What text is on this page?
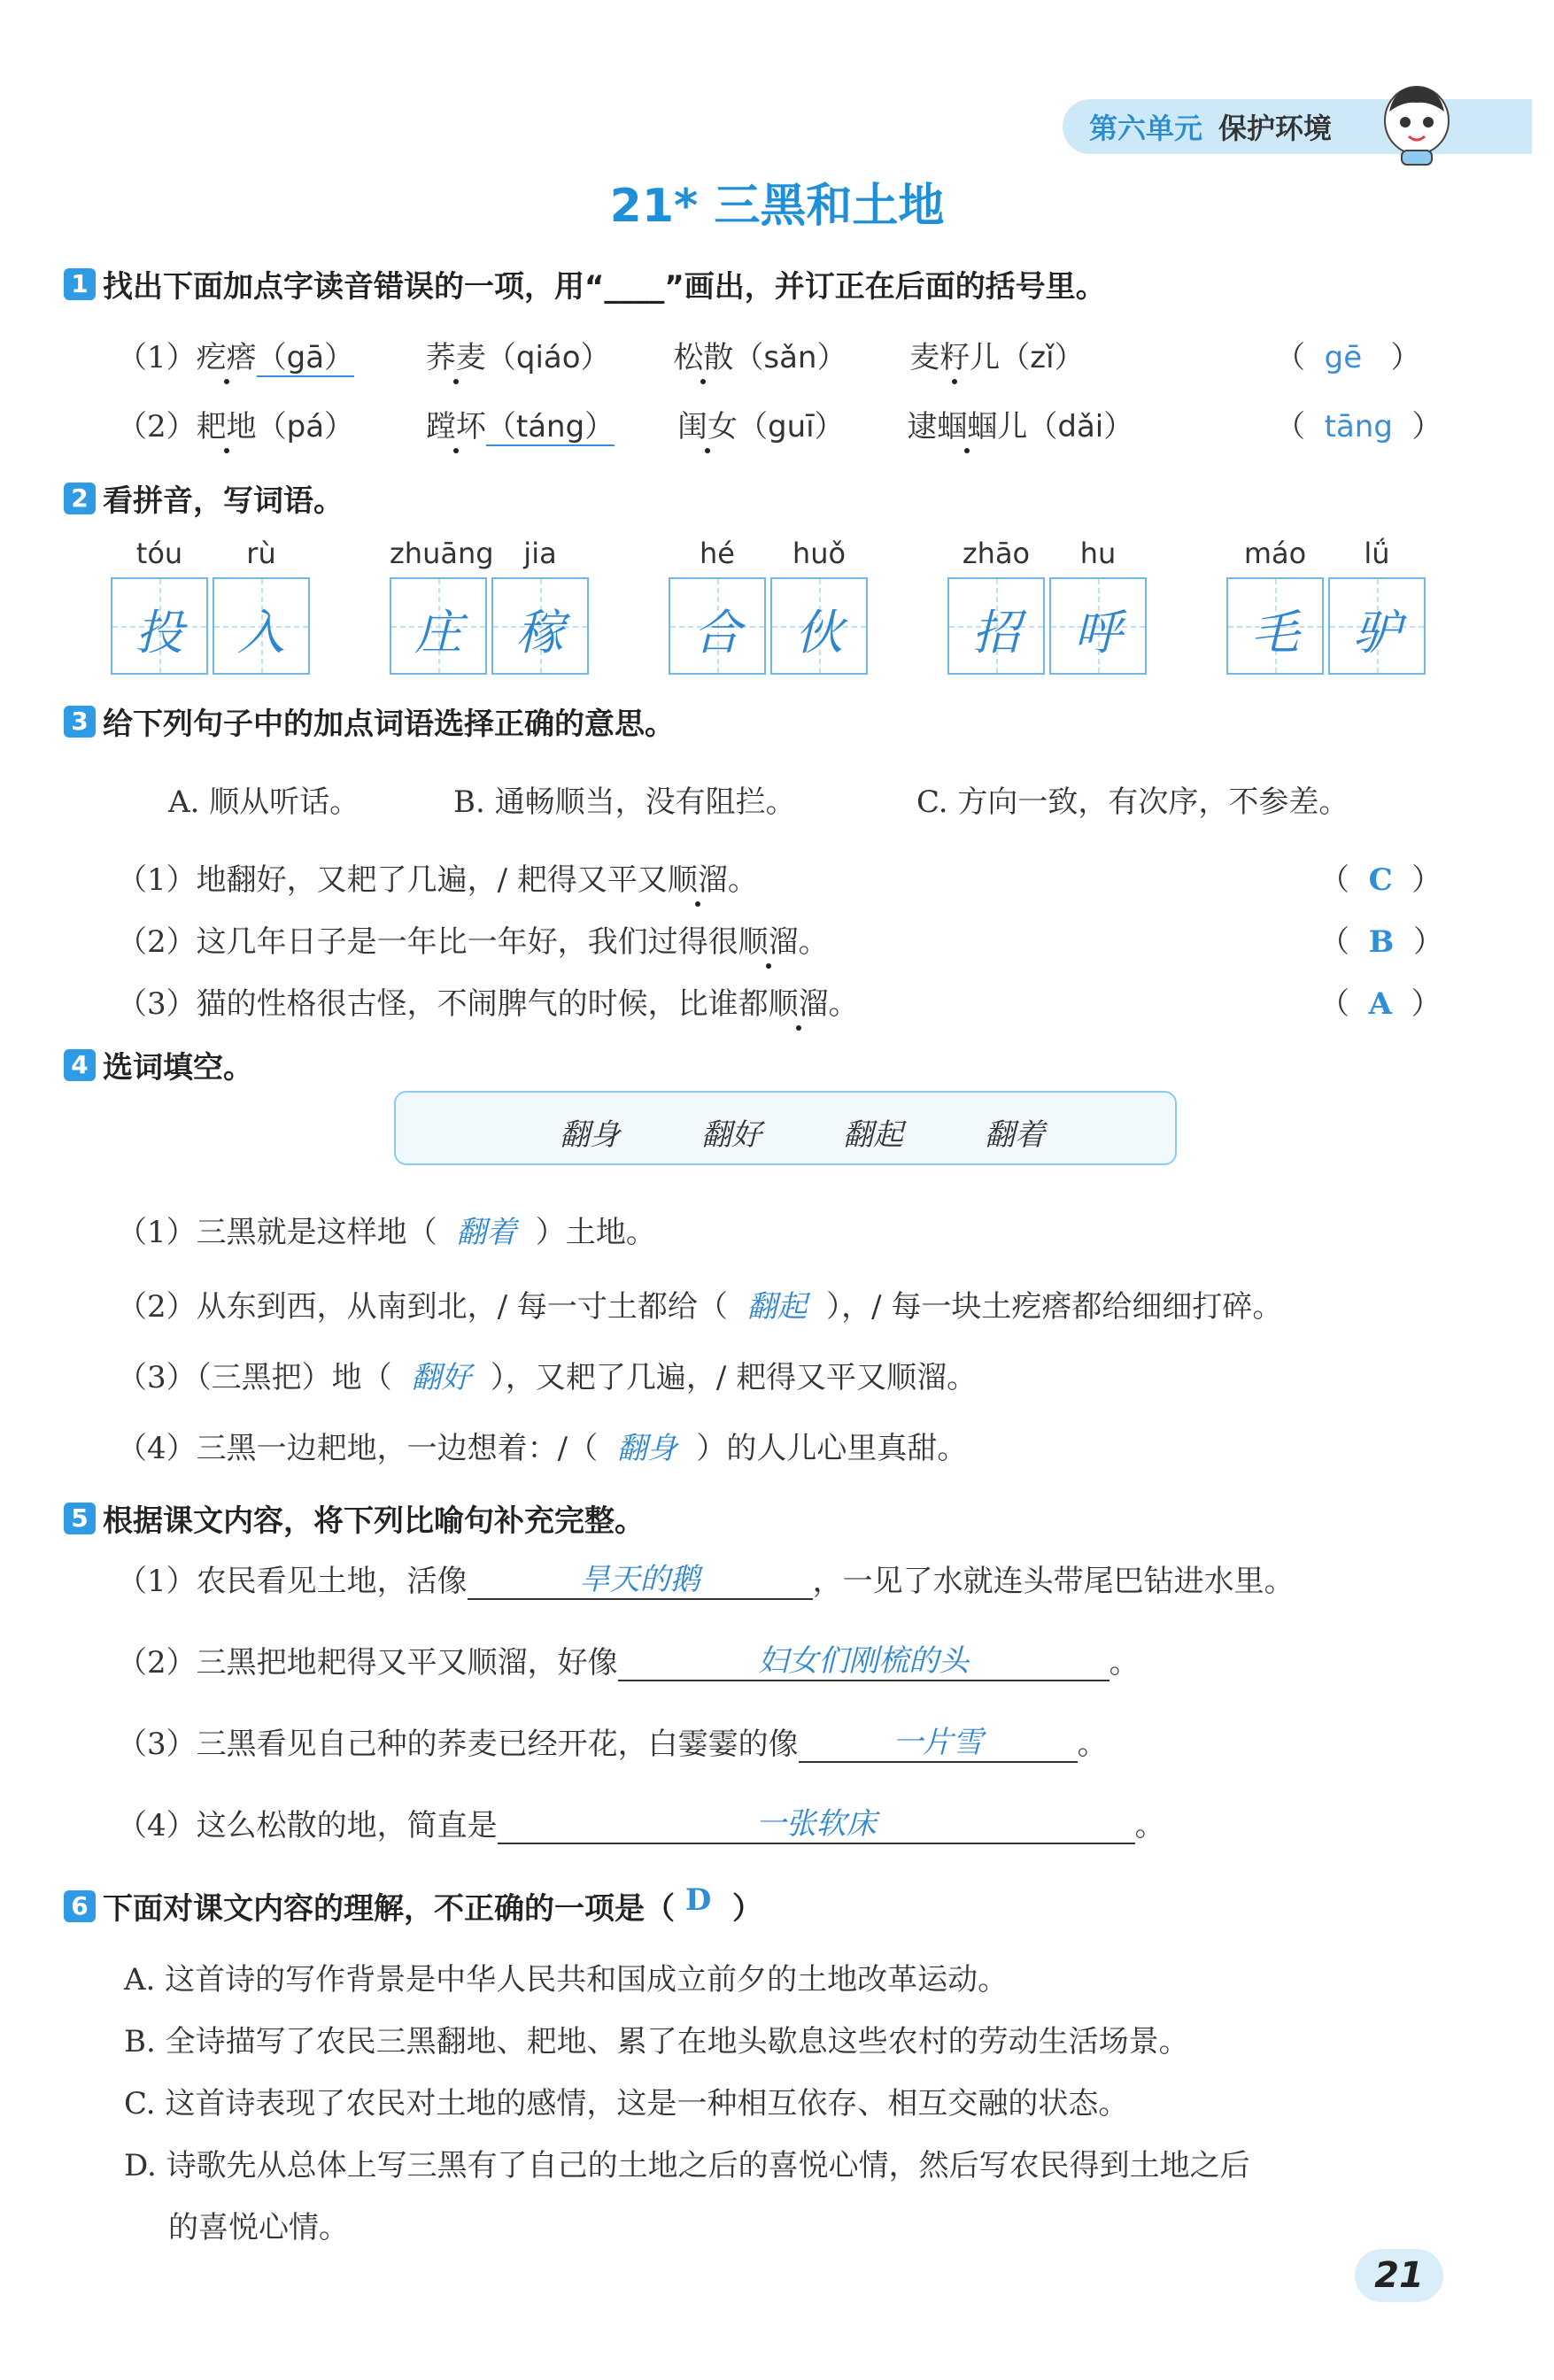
第六单元 保护环境
21* 三黑和土地
1 找出下面加点字读音错误的一项，用“____”画出，并订正在后面的括号里。
（1）疙瘩（gā） 荞麦（qiáo） 松散（sǎn） 麦籽儿（zǐ）	（  gē   ）
（2）耙地（pá） 蹚坏（táng） 闺女（guī） 逮蝈蝈儿（dǎi）	（  tāng  ）
2 看拼音，写词语。
tóu	rù
投	入
zhuāng	jia
庄	稼
hé	huǒ
合	伙
zhāo	hu
招	呼
máo	lǘ
毛	驴
3 给下列句子中的加点词语选择正确的意思。
A. 顺从听话。	B. 通畅顺当，没有阻拦。	C. 方向一致，有次序，不参差。
（1）地翻好，又耙了几遍，/ 耙得又平又顺溜。	（  C  ）
（2）这几年日子是一年比一年好，我们过得很顺溜。	（  B  ）
（3）猫的性格很古怪，不闹脾气的时候，比谁都顺溜。	（  A  ）
4 选词填空。
翻身	翻好	翻起	翻着
（1）三黑就是这样地（ 翻着 ）土地。
（2）从东到西，从南到北，/ 每一寸土都给（ 翻起 ），/ 每一块土疙瘩都给细细打碎。
（3）（三黑把）地（ 翻好 ），又耙了几遍，/ 耙得又平又顺溜。
（4）三黑一边耙地，一边想着：/（ 翻身 ）的人儿心里真甜。
5 根据课文内容，将下列比喻句补充完整。
（1）农民看见土地，活像	旱天的鹅	，一见了水就连头带尾巴钻进水里。
（2）三黑把地耙得又平又顺溜，好像	妇女们刚梳的头	。
（3）三黑看见自己种的荞麦已经开花，白霎霎的像	一片雪	。
（4）这么松散的地，简直是	一张软床	。
6 下面对课文内容的理解，不正确的一项是（ D ）
A. 这首诗的写作背景是中华人民共和国成立前夕的土地改革运动。
B. 全诗描写了农民三黑翻地、耙地、累了在地头歇息这些农村的劳动生活场景。
C. 这首诗表现了农民对土地的感情，这是一种相互依存、相互交融的状态。
D. 诗歌先从总体上写三黑有了自己的土地之后的喜悦心情，然后写农民得到土地之后
的喜悦心情。
21
